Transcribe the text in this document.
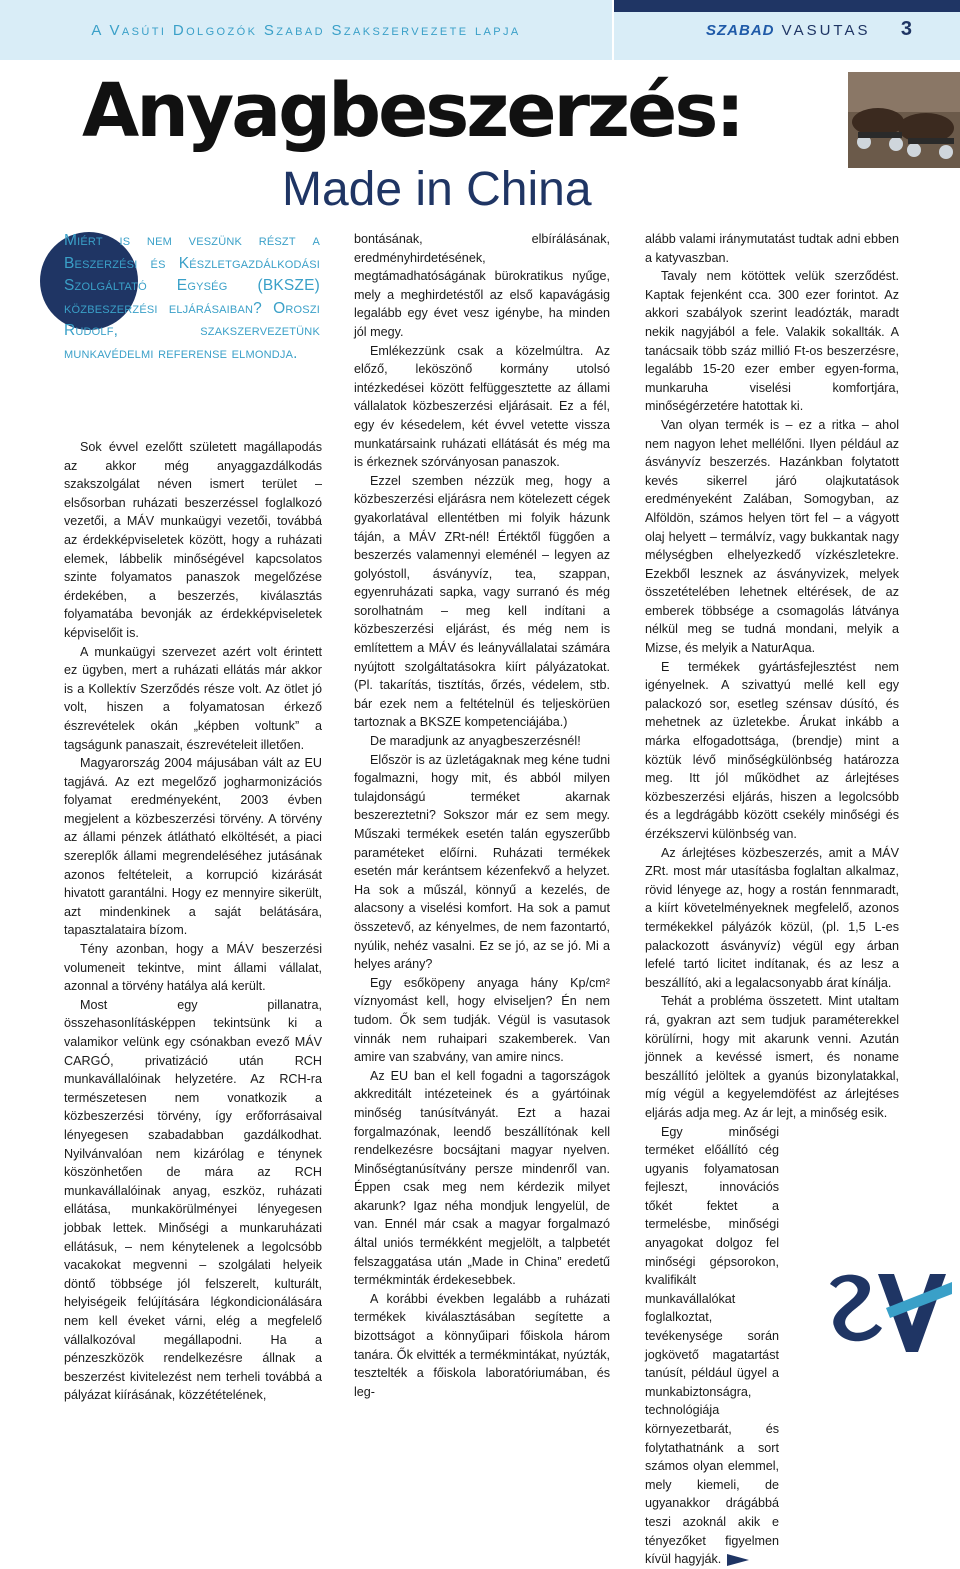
A Vasúti Dolgozók Szabad Szakszervezete lapja	SZABAD VASUTAS 3
Anyagbeszerzés:
Made in China
Miért is nem veszünk részt a Beszerzési és Készletgazdálkodási Szolgáltató Egység (BKSZE) közbeszerzési eljárásaiban? Oroszi Rudolf, szakszervezetünk munkavédelmi referense elmondja.

Sok évvel ezelőtt született magállapodás az akkor még anyaggazdálkodás szakszolgálat néven ismert terület – elsősorban ruházati beszerzéssel foglalkozó vezetői, a MÁV munkaügyi vezetői, továbbá az érdekképviseletek között, hogy a ruházati elemek, lábbelik minőségével kapcsolatos szinte folyamatos panaszok megelőzése érdekében, a beszerzés, kiválasztás folyamatába bevonják az érdekképviseletek képviselőit is.

A munkaügyi szervezet azért volt érintett ez ügyben, mert a ruházati ellátás már akkor is a Kollektív Szerződés része volt. Az ötlet jó volt, hiszen a folyamatosan érkező észrevételek okán „képben voltunk” a tagságunk panaszait, észrevételeit illetően.

Magyarország 2004 májusában vált az EU tagjává. Az ezt megelőző jogharmonizációs folyamat eredményeként, 2003 évben megjelent a közbeszerzési törvény. A törvény az állami pénzek átlátható elköltését, a piaci szereplők állami megrendeléséhez jutásának azonos feltételeit, a korrupció kizárását hivatott garantálni. Hogy ez mennyire sikerült, azt mindenkinek a saját belátására, tapasztalataira bízom.

Tény azonban, hogy a MÁV beszerzési volumeneit tekintve, mint állami vállalat, azonnal a törvény hatálya alá került.

Most egy pillanatra, összehasonlításképpen tekintsünk ki a valamikor velünk egy csónakban evező MÁV CARGÓ, privatizáció után RCH munkavállalóinak helyzetére. Az RCH-ra természetesen nem vonatkozik a közbeszerzési törvény, így erőforrásaival lényegesen szabadabban gazdálkodhat. Nyilvánvalóan nem kizárólag e ténynek köszönhetően de mára az RCH munkavállalóinak anyag, eszköz, ruházati ellátása, munkakörülményei lényegesen jobbak lettek. Minőségi a munkaruházati ellátásuk, – nem kénytelenek a legolcsóbb vacakokat megvenni – szolgálati helyeik döntő többsége jól felszerelt, kulturált, helyiségeik felújítására légkondicionálására nem kell éveket várni, elég a megfelelő vállalkozóval megállapodni. Ha a pénzeszközök rendelkezésre állnak a beszerzést kivitelezést nem terheli továbbá a pályázat kiírásának, közzétételének,

bontásának, elbírálásának, eredményhirdetésének, megtámadhatóságának bürokratikus nyűge, mely a meghirdetéstől az első kapavágásig legalább egy évet vesz igénybe, ha minden jól megy.

Emlékezzünk csak a közelmúltra. Az előző, leköszönő kormány utolsó intézkedései között felfüggesztette az állami vállalatok közbeszerzési eljárásait. Ez a fél, egy év késedelem, két évvel vetette vissza munkatársaink ruházati ellátását és még ma is érkeznek szórványosan panaszok.

Ezzel szemben nézzük meg, hogy a közbeszerzési eljárásra nem kötelezett cégek gyakorlatával ellentétben mi folyik házunk táján, a MÁV ZRt-nél! Értéktől függően a beszerzés valamennyi eleménél – legyen az golyóstoll, ásványvíz, tea, szappan, egyenruházati sapka, vagy surranó és még sorolhatnám – meg kell indítani a közbeszerzési eljárást, és még nem is említettem a MÁV és leányvállalatai számára nyújtott szolgáltatásokra kiírt pályázatokat. (Pl. takarítás, tisztítás, őrzés, védelem, stb. bár ezek nem a feltételnül és teljeskörüen tartoznak a BKSZE kompetenciájába.)

De maradjunk az anyagbeszerzésnél!

Először is az üzletágaknak meg kéne tudni fogalmazni, hogy mit, és abból milyen tulajdonságú terméket akarnak beszereztetni? Sokszor már ez sem megy. Műszaki termékek esetén talán egyszerűbb paraméteket előírni. Ruházati termékek esetén már kerántsem kézenfekvő a helyzet. Ha sok a műszál, könnyű a kezelés, de alacsony a viselési komfort. Ha sok a pamut összetevő, az kényelmes, de nem fazontartó, nyúlik, nehéz vasalni. Ez se jó, az se jó. Mi a helyes arány?

Egy esőköpeny anyaga hány Kp/cm² víznyomást kell, hogy elviseljen? Én nem tudom. Ők sem tudják. Végül is vasutasok vinnák nem ruhaipari szakemberek. Van amire van szabvány, van amire nincs.

Az EU ban el kell fogadni a tagországok akkreditált intézeteinek és a gyártóinak minőség tanúsítványát. Ezt a hazai forgalmazónak, leendő beszállítónak kell rendelkezésre bocsájtani magyar nyelven. Minőségtanúsítvány persze mindenről van. Éppen csak meg nem kérdezik milyet akarunk? Igaz néha mondjuk lengyelül, de van. Ennél már csak a magyar forgalmazó által uniós termékként megjelölt, a talpbetét felszaggatása után „Made in China” eredetű termékminták érdekesebbek.

A korábbi években legalább a ruházati termékek kiválasztásában segítette a bizottságot a könnyűipari főiskola három tanára. Ők elvitték a termékmintákat, nyúzták, tesztelték a főiskola laboratóriumában, és leg-

alább valami iránymutatást tudtak adni ebben a katyvaszban.

Tavaly nem kötöttek velük szerződést. Kaptak fejenként cca. 300 ezer forintot. Az akkori szabályok szerint leadózták, maradt nekik nagyjából a fele. Valakik sokallták. A tanácsaik több száz millió Ft-os beszerzésre, legalább 15-20 ezer ember egyen-forma, munkaruha viselési komfortjára, minőségérzetére hatottak ki.

Van olyan termék is – ez a ritka – ahol nem nagyon lehet mellélőni. Ilyen például az ásványvíz beszerzés. Hazánkban folytatott kevés sikerrel járó olajkutatások eredményeként Zalában, Somogyban, az Alföldön, számos helyen tört fel – a vágyott olaj helyett – termálvíz, vagy bukkantak nagy mélységben elhelyezkedő vízkészletekre. Ezekből lesznek az ásványvizek, melyek összetételében lehetnek eltérések, de az emberek többsége a csomagolás látványa nélkül meg se tudná mondani, melyik a Mizse, és melyik a NaturAqua.

E termékek gyártásfejlesztést nem igényelnek. A szivattyú mellé kell egy palackozó sor, esetleg szénsav dúsító, és mehetnek az üzletekbe. Árukat inkább a márka elfogadottsága, (brendje) mint a köztük lévő minőségkülönbség határozza meg. Itt jól működhet az árlejtéses közbeszerzési eljárás, hiszen a legolcsóbb és a legdrágább között csekély minőségi és érzékszervi különbség van.

Az árlejtéses közbeszerzés, amit a MÁV ZRt. most már utasításba foglaltan alkalmaz, rövid lényege az, hogy a rostán fennmaradt, a kiírt követelményeknek megfelelő, azonos termékekkel pályázók közül, (pl. 1,5 L-es palackozott ásványvíz) végül egy árban lefelé tartó licitet indítanak, és az lesz a beszállító, aki a legalacsonyabb árat kínálja.

Tehát a probléma összetett. Mint utaltam rá, gyakran azt sem tudjuk paraméterekkel körülírni, hogy mit akarunk venni. Azután jönnek a kevéssé ismert, és noname beszállító jelöltek a gyanús bizonylatakkal, míg végül a kegyelemdöfést az árlejtéses eljárás adja meg. Az ár lejt, a minőség esik.

Egy minőségi terméket előállító cég ugyanis folyamatosan fejleszt, innovációs tőkét fektet a termelésbe, minőségi anyagokat dolgoz fel minőségi gépsorokon, kvalifikált munkavállalókat foglalkoztat, tevékenysége során jogkövető magatartást tanúsít, például ügyel a munkabiztonságra, technológiája környezetbarát, és folytathatnánk a sort számos olyan elemmel, mely kiemeli, de ugyanakkor drágábbá teszi azoknál akik e tényezőket figyelmen kívül hagyják.
